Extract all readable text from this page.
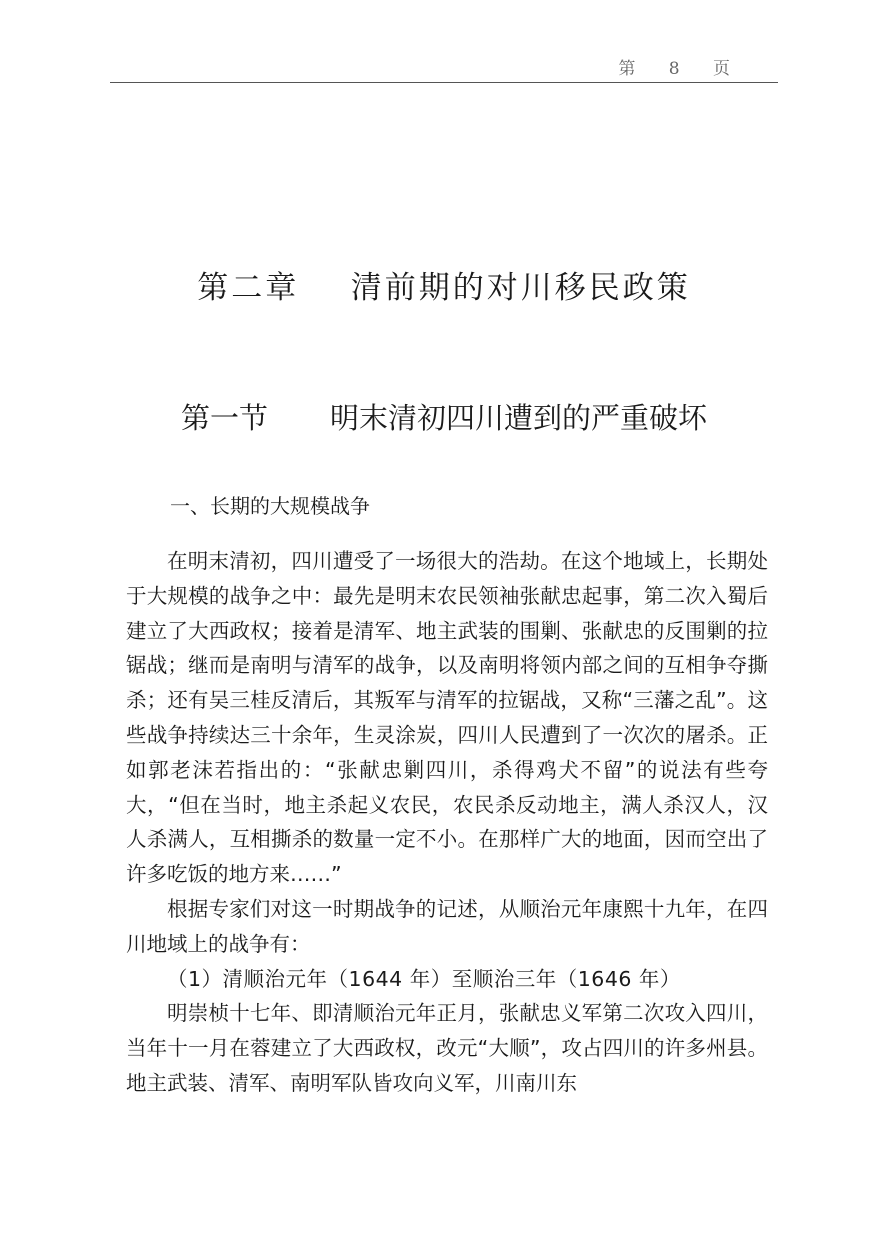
第 8 页
第二章    清前期的对川移民政策
第一节 明末清初四川遭到的严重破坏
一、长期的大规模战争

在明末清初，四川遭受了一场很大的浩劫。在这个地域上，长期处于大规模的战争之中：最先是明末农民领袖张献忠起事，第二次入蜀后建立了大西政权；接着是清军、地主武装的围剿、张献忠的反围剿的拉锯战；继而是南明与清军的战争，以及南明将领内部之间的互相争夺撕杀；还有吴三桂反清后，其叛军与清军的拉锯战，又称“三藩之乱”。这些战争持续达三十余年，生灵涂炭，四川人民遭到了一次次的屠杀。正如郭老沫若指出的：“张献忠剿四川，杀得鸡犬不留”的说法有些夸大，“但在当时，地主杀起义农民，农民杀反动地主，满人杀汉人，汉人杀满人，互相撕杀的数量一定不小。在那样广大的地面，因而空出了许多吃饭的地方来……”

根据专家们对这一时期战争的记述，从顺治元年康熙十九年，在四川地域上的战争有：

（1）清顺治元年（1644 年）至顺治三年（1646 年）

明崇桢十七年、即清顺治元年正月，张献忠义军第二次攻入四川，当年十一月在蓉建立了大西政权，改元“大顺”，攻占四川的许多州县。地主武装、清军、南明军队皆攻向义军，川南川东
